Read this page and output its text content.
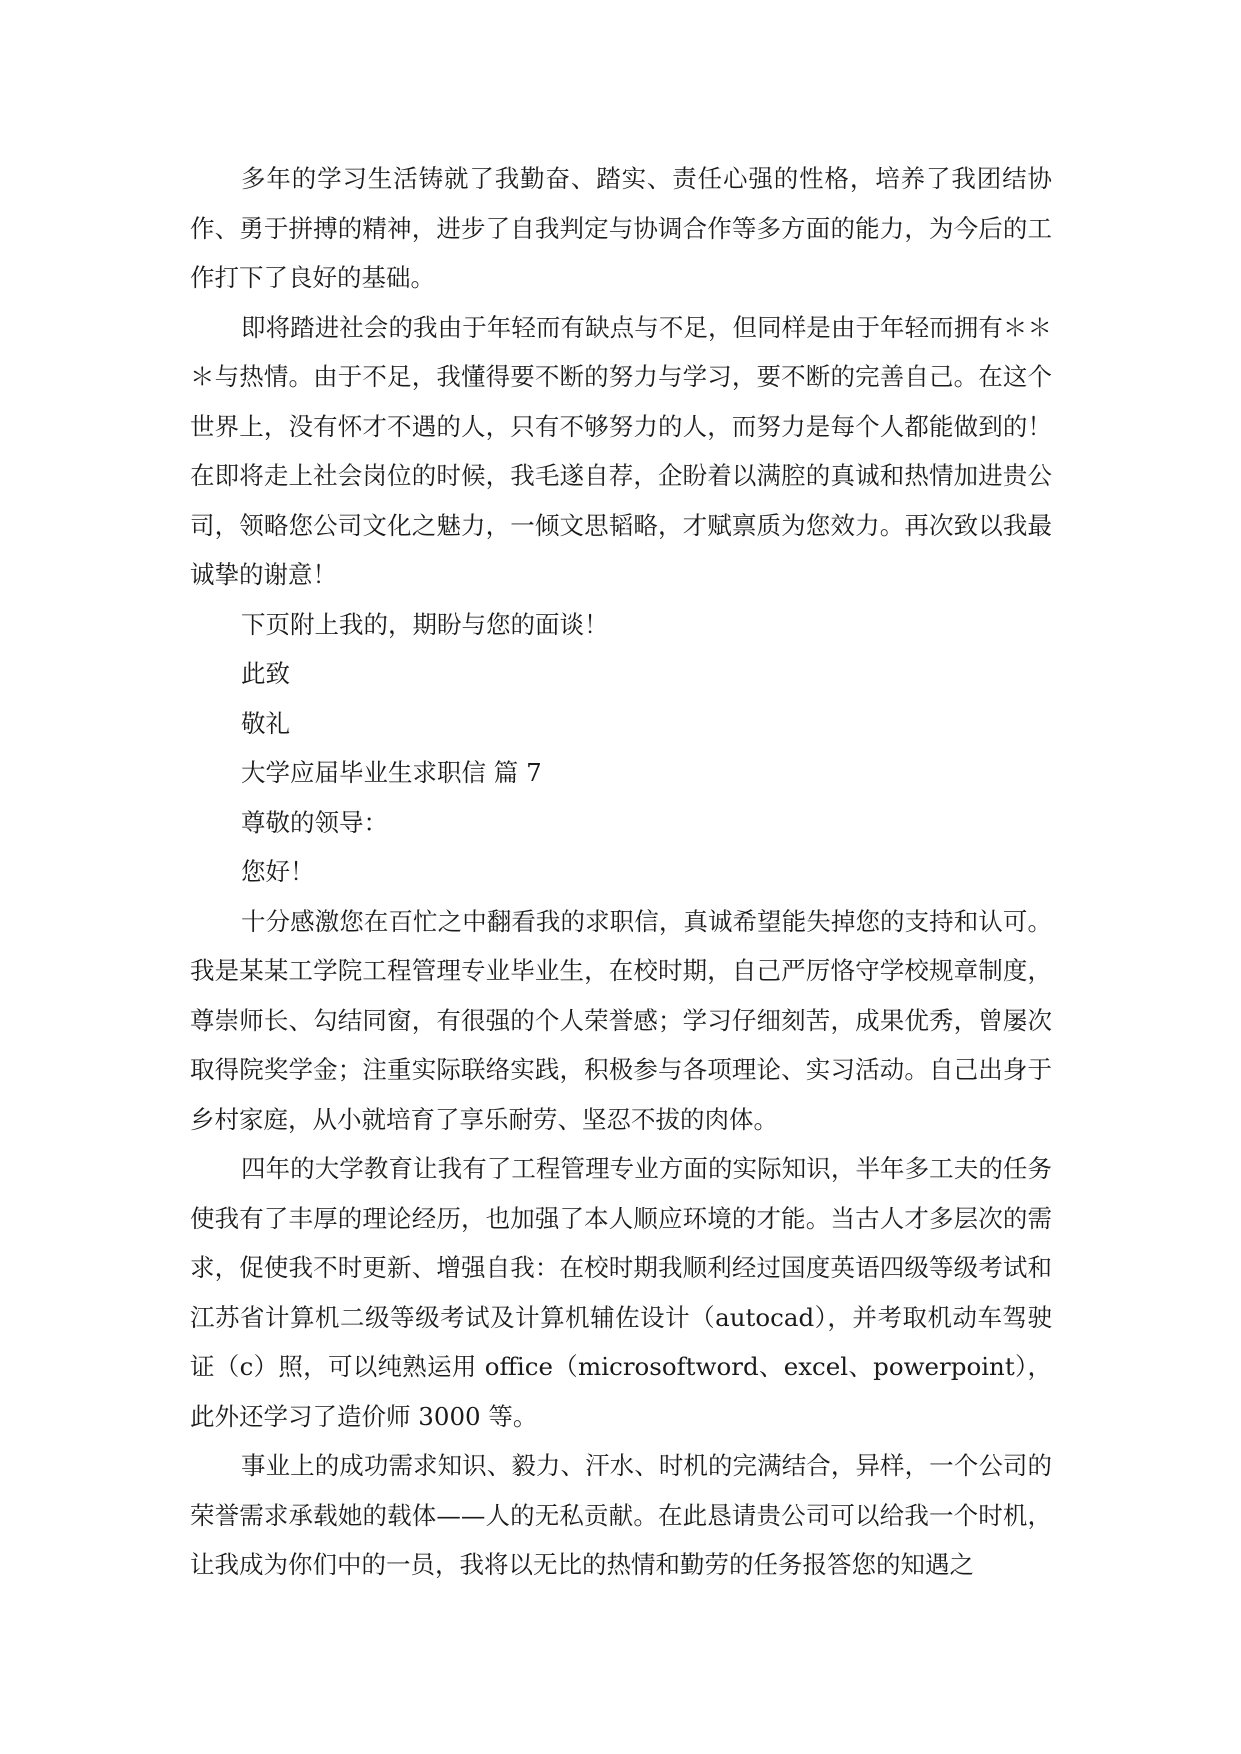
多年的学习生活铸就了我勤奋、踏实、责任心强的性格，培养了我团结协作、勇于拼搏的精神，进步了自我判定与协调合作等多方面的能力，为今后的工作打下了良好的基础。

即将踏进社会的我由于年轻而有缺点与不足，但同样是由于年轻而拥有＊＊＊与热情。由于不足，我懂得要不断的努力与学习，要不断的完善自己。在这个世界上，没有怀才不遇的人，只有不够努力的人，而努力是每个人都能做到的！在即将走上社会岗位的时候，我毛遂自荐，企盼着以满腔的真诚和热情加进贵公司，领略您公司文化之魅力，一倾文思韬略，才赋禀质为您效力。再次致以我最诚挚的谢意！

下页附上我的，期盼与您的面谈！

此致

敬礼

大学应届毕业生求职信 篇 7

尊敬的领导：

您好！

十分感激您在百忙之中翻看我的求职信，真诚希望能失掉您的支持和认可。我是某某工学院工程管理专业毕业生，在校时期，自己严厉恪守学校规章制度，尊崇师长、勾结同窗，有很强的个人荣誉感；学习仔细刻苦，成果优秀，曾屡次取得院奖学金；注重实际联络实践，积极参与各项理论、实习活动。自己出身于乡村家庭，从小就培育了享乐耐劳、坚忍不拔的肉体。

四年的大学教育让我有了工程管理专业方面的实际知识，半年多工夫的任务使我有了丰厚的理论经历，也加强了本人顺应环境的才能。当古人才多层次的需求，促使我不时更新、增强自我：在校时期我顺利经过国度英语四级等级考试和江苏省计算机二级等级考试及计算机辅佐设计（autocad），并考取机动车驾驶证（c）照，可以纯熟运用 office（microsoftword、excel、powerpoint），此外还学习了造价师 3000 等。

事业上的成功需求知识、毅力、汗水、时机的完满结合，异样，一个公司的荣誉需求承载她的载体——人的无私贡献。在此恳请贵公司可以给我一个时机，让我成为你们中的一员，我将以无比的热情和勤劳的任务报答您的知遇之
